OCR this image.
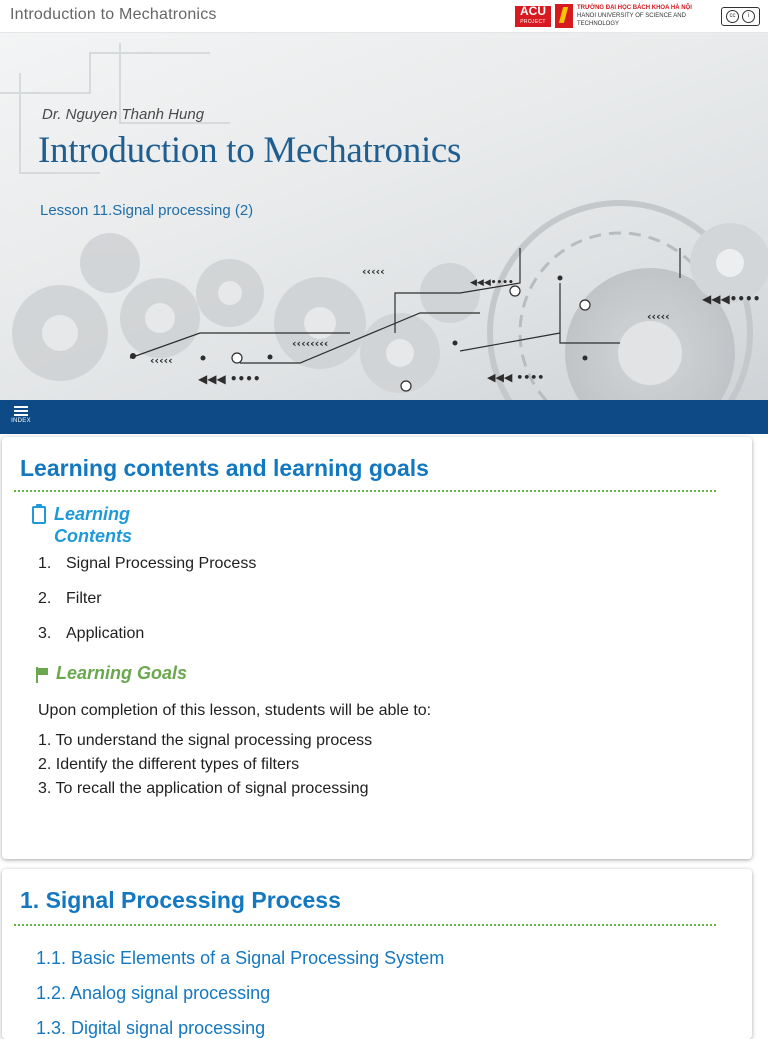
Introduction to Mechatronics	ACU
PROJECT
TRƯỜNG ĐẠI HỌC BÁCH KHOA HÀ NỘI
HANOI UNIVERSITY OF SCIENCE AND TECHNOLOGY
cc	i
‹‹‹‹‹
‹‹‹‹‹
‹‹‹‹‹‹‹‹
‹‹‹‹‹
◀◀◀ ••••
◀◀◀••••
◀◀◀ ••••
◀◀◀••••
Dr. Nguyen Thanh Hung
Introduction to Mechatronics
Lesson 11.Signal processing (2)
INDEX
Learning contents and learning goals
Learning
Contents
1. Signal Processing Process
2. Filter
3. Application
Learning Goals
Upon completion of this lesson, students will be able to:
1. To understand the signal processing process
2. Identify the different types of filters
3. To recall the application of signal processing
1. Signal Processing Process
1.1. Basic Elements of a Signal Processing System
1.2. Analog signal processing
1.3. Digital signal processing
